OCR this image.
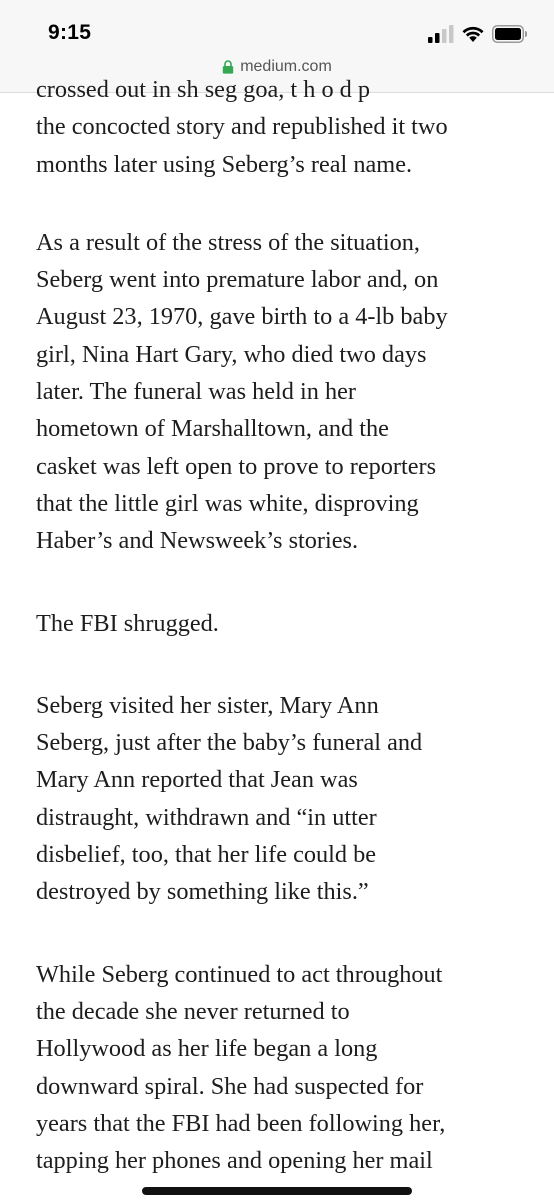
9:15
medium.com

crossed out in sh seg goa, t h o d p
the concocted story and republished it two
months later using Seberg’s real name.

As a result of the stress of the situation,
Seberg went into premature labor and, on
August 23, 1970, gave birth to a 4-lb baby
girl, Nina Hart Gary, who died two days
later. The funeral was held in her
hometown of Marshalltown, and the
casket was left open to prove to reporters
that the little girl was white, disproving
Haber’s and Newsweek’s stories.

The FBI shrugged.

Seberg visited her sister, Mary Ann
Seberg, just after the baby’s funeral and
Mary Ann reported that Jean was
distraught, withdrawn and “in utter
disbelief, too, that her life could be
destroyed by something like this.”

While Seberg continued to act throughout
the decade she never returned to
Hollywood as her life began a long
downward spiral. She had suspected for
years that the FBI had been following her,
tapping her phones and opening her mail
